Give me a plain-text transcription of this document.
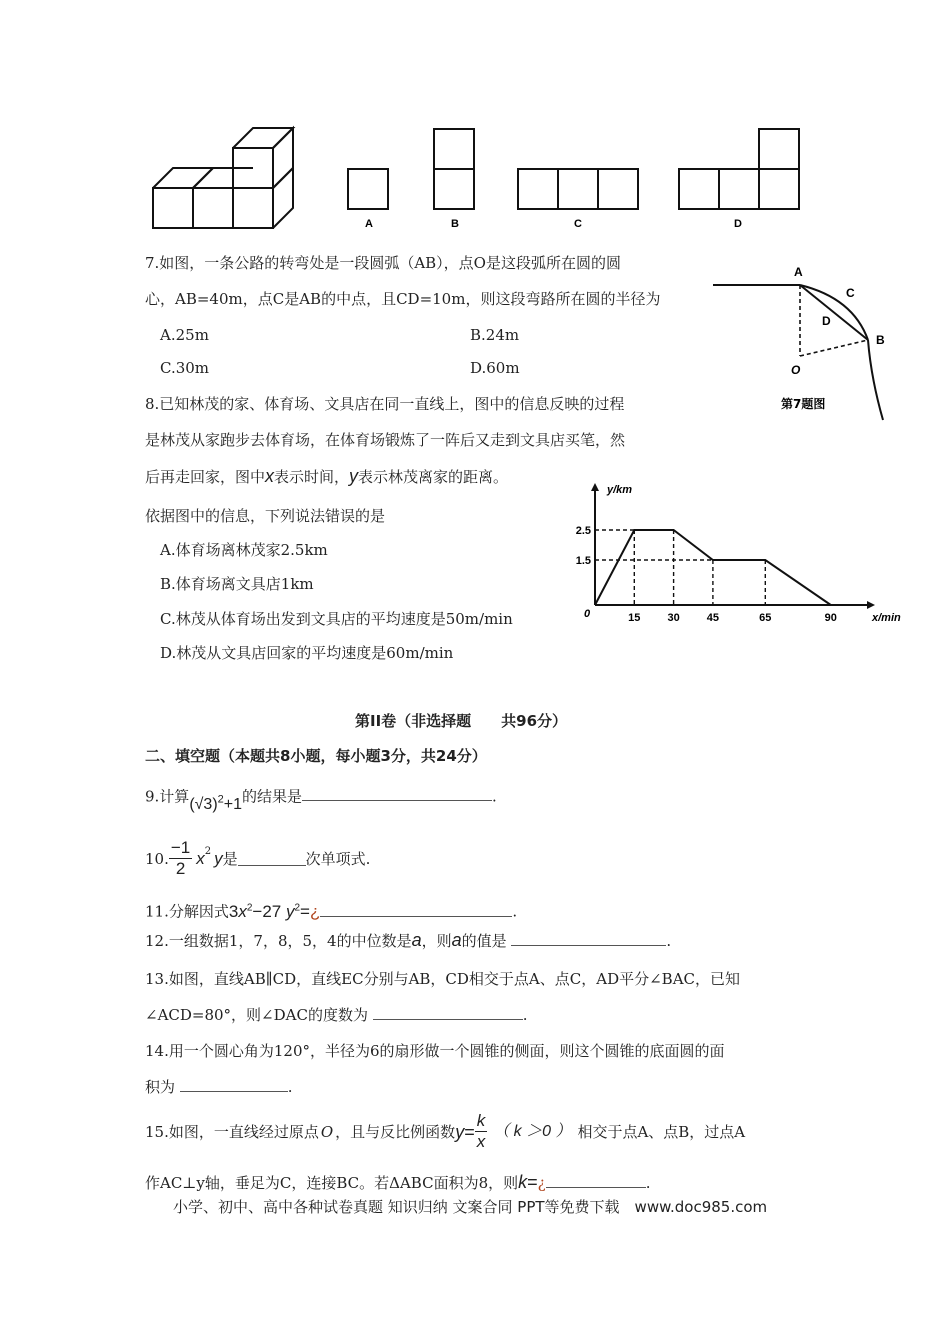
A	B	C	D
7.如图，一条公路的转弯处是一段圆弧（AB），点O是这段弧所在圆的圆
心，AB=40m，点C是AB的中点，且CD=10m，则这段弯路所在圆的半径为
A.25m	B.24m
C.30m	D.60m
A
C
D
B
O
第7题图
8.已知林茂的家、体育场、文具店在同一直线上，图中的信息反映的过程
是林茂从家跑步去体育场，在体育场锻炼了一阵后又走到文具店买笔，然
后再走回家，图中x表示时间，y表示林茂离家的距离。
依据图中的信息，下列说法错误的是
A.体育场离林茂家2.5km
B.体育场离文具店1km
C.林茂从体育场出发到文具店的平均速度是50m/min
D.林茂从文具店回家的平均速度是60m/min
15 30 45	65	90
2.5
1.5
0	x/min
y/km
第II卷（非选择题　　共96分）
二、填空题（本题共8小题，每小题3分，共24分）
9.计算$(√3)^2+1$的结果是	.
10. $\frac{-1}{2} x^2$ y 是	次单项式.
11.分解因式$3x^2-27$ $y^2=¿$	.
12.一组数据1，7，8，5，4的中位数是a，则a的值是	.
13.如图，直线AB∥CD，直线EC分别与AB，CD相交于点A、点C，AD平分∠BAC，已知
∠ACD=80°，则∠DAC的度数为	.
14.用一个圆心角为120°，半径为6的扇形做一个圆锥的侧面，则这个圆锥的底面圆的面
积为	.
15.如图，一直线经过原点 O ，且与反比例函数 $y = \frac{k}{x}$ （ k ＞0 ） 相交于点A、点B，过点A
作AC⊥y轴，垂足为C，连接BC。若ΔABC面积为8，则k=¿	.
小学、初中、高中各种试卷真题 知识归纳 文案合同 PPT等免费下载　www.doc985.com
